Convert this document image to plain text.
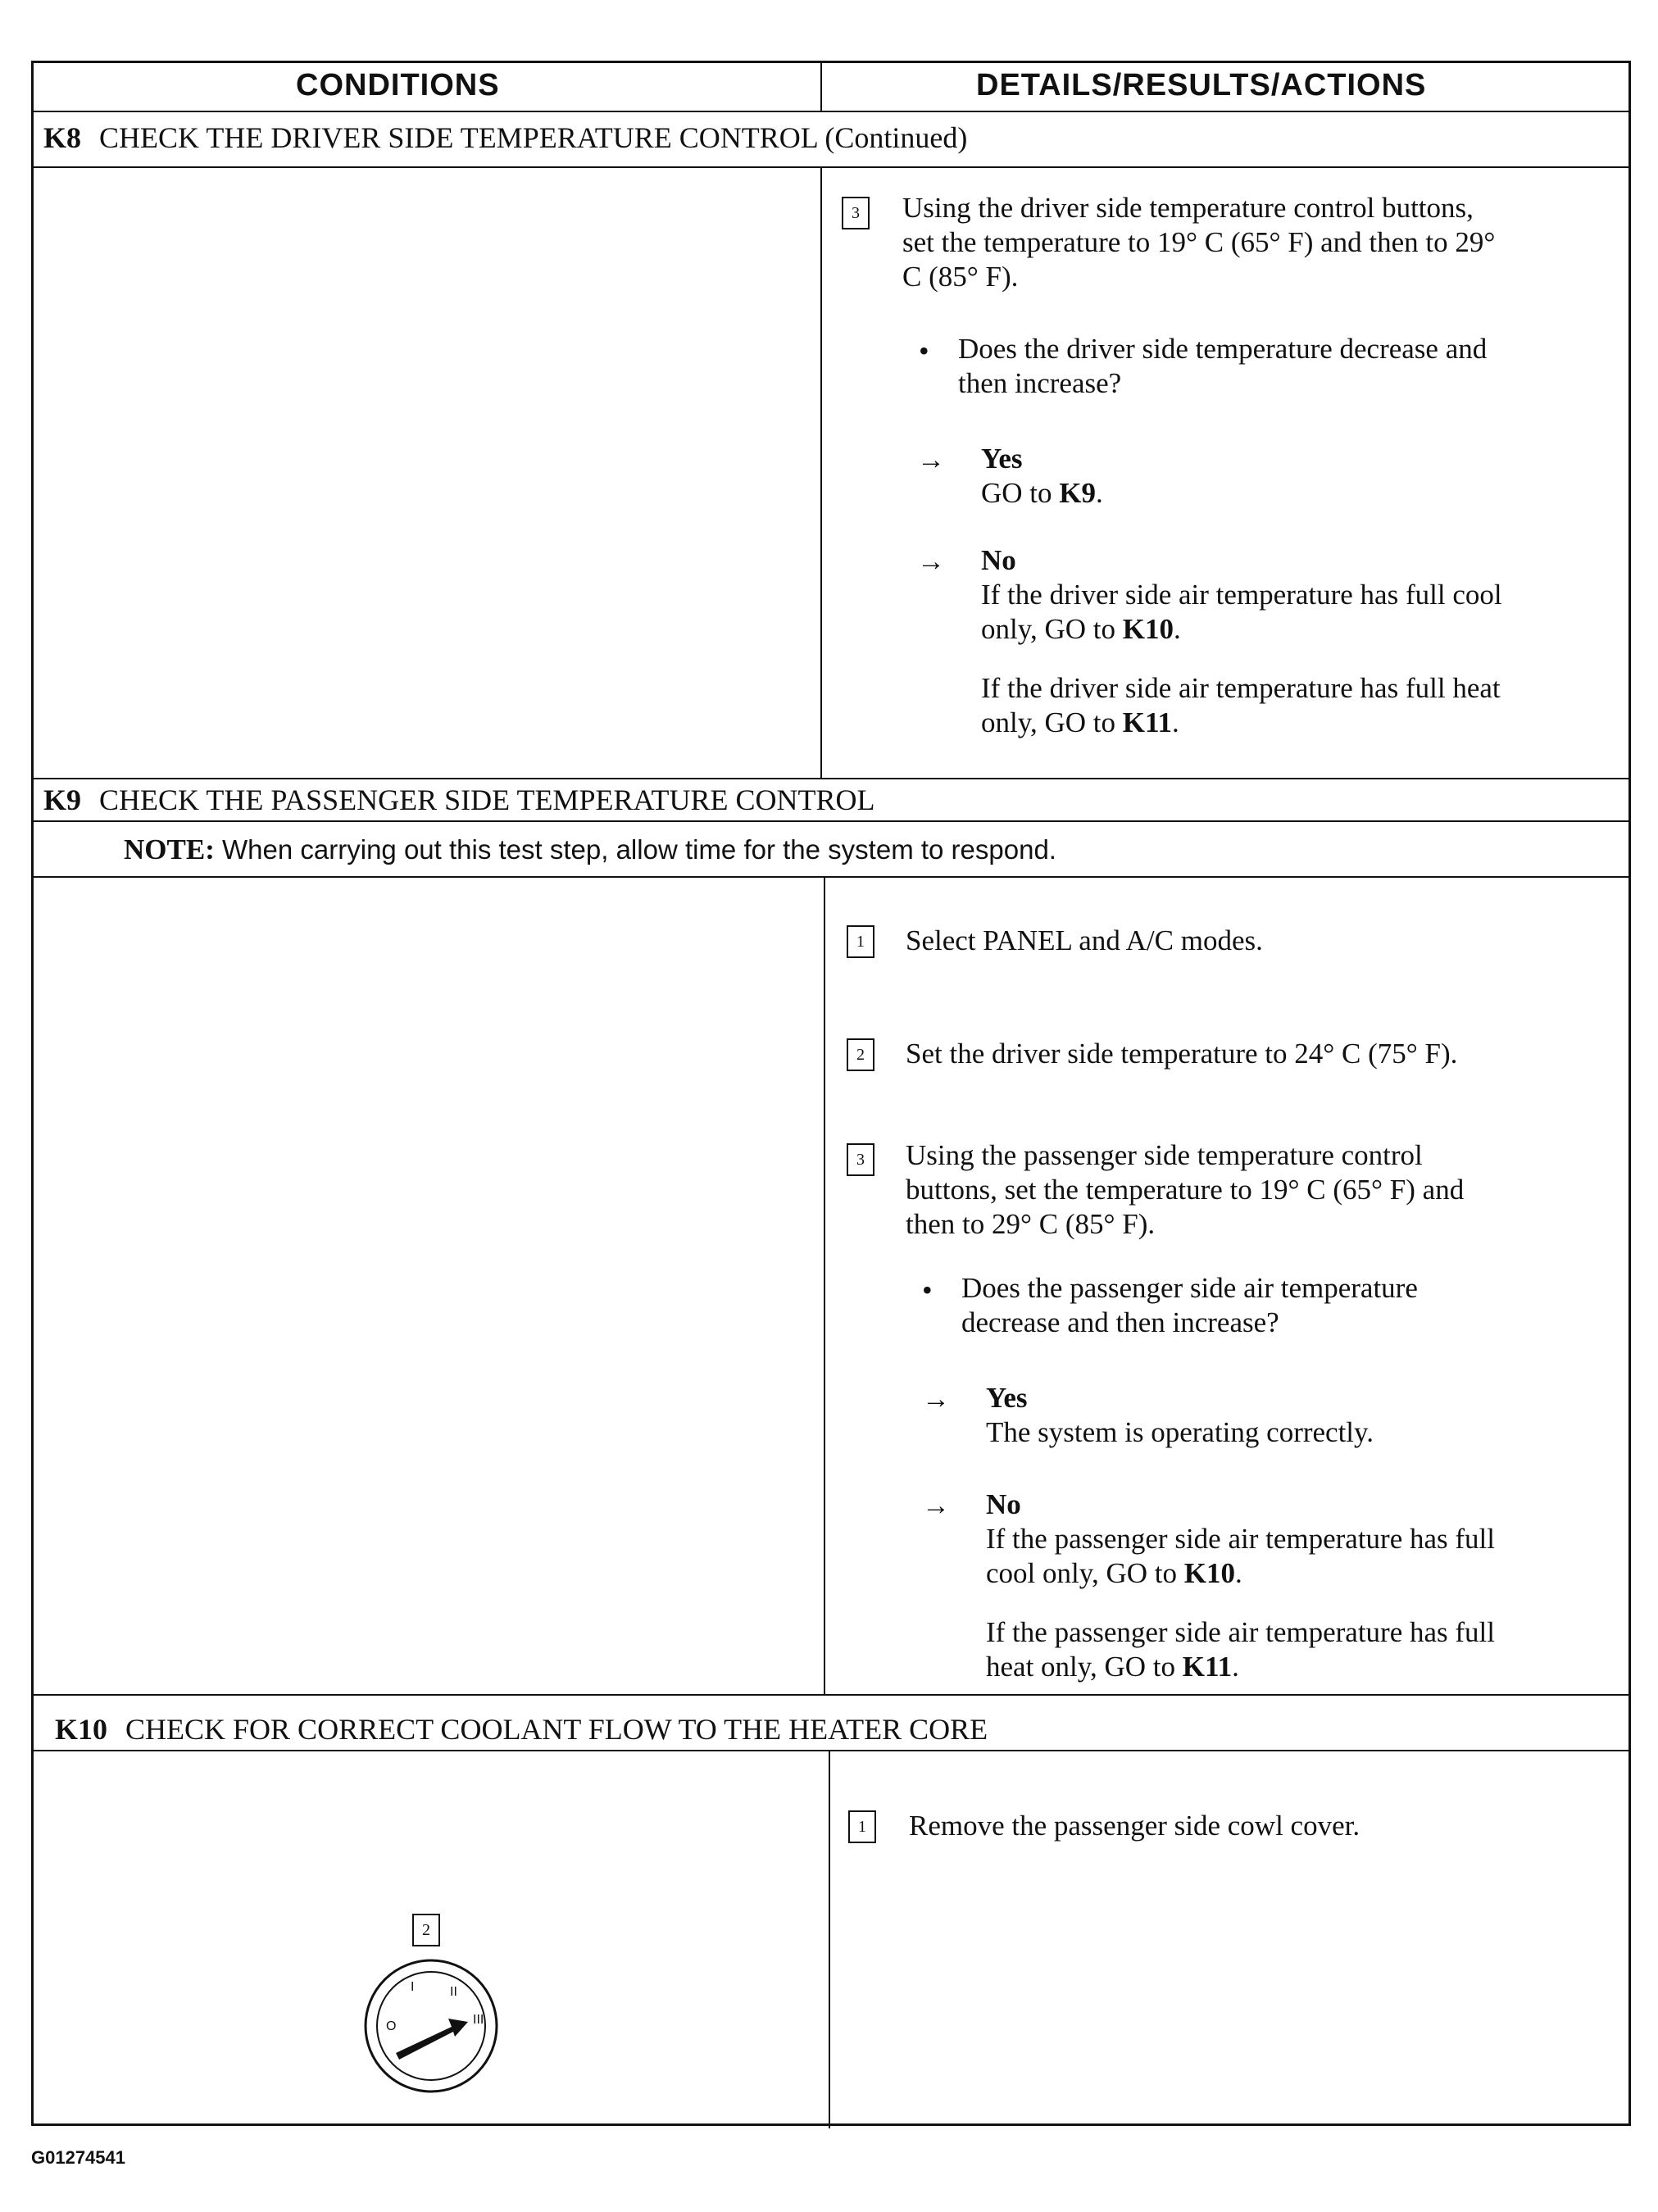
CONDITIONS	DETAILS/RESULTS/ACTIONS
K8 CHECK THE DRIVER SIDE TEMPERATURE CONTROL (Continued)
3	Using the driver side temperature control buttons,
set the temperature to 19° C (65° F) and then to 29°
C (85° F).
• Does the driver side temperature decrease and
then increase?
→ Yes
GO to K9.
→ No
If the driver side air temperature has full cool
only, GO to K10.
If the driver side air temperature has full heat
only, GO to K11.
K9 CHECK THE PASSENGER SIDE TEMPERATURE CONTROL
NOTE: When carrying out this test step, allow time for the system to respond.
1	Select PANEL and A/C modes.
2	Set the driver side temperature to 24° C (75° F).
3	Using the passenger side temperature control
buttons, set the temperature to 19° C (65° F) and
then to 29° C (85° F).
• Does the passenger side air temperature
decrease and then increase?
→ Yes
The system is operating correctly.
→ No
If the passenger side air temperature has full
cool only, GO to K10.
If the passenger side air temperature has full
heat only, GO to K11.
K10 CHECK FOR CORRECT COOLANT FLOW TO THE HEATER CORE
1	Remove the passenger side cowl cover.
2
O
I	II
III
G01274541
